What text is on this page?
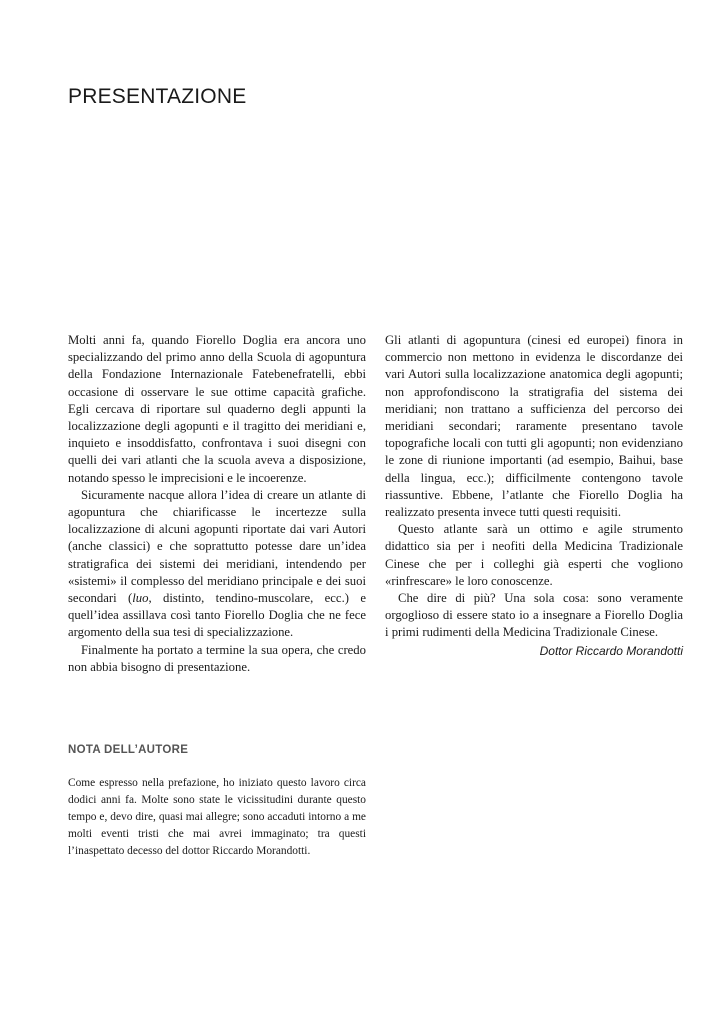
PRESENTAZIONE

Molti anni fa, quando Fiorello Doglia era ancora uno specializzando del primo anno della Scuola di agopuntura della Fondazione Internazionale Fatebenefratelli, ebbi occasione di osservare le sue ottime capacità grafiche. Egli cercava di riportare sul quaderno degli appunti la localizzazione degli agopunti e il tragitto dei meridiani e, inquieto e insoddisfatto, confrontava i suoi disegni con quelli dei vari atlanti che la scuola aveva a disposizione, notando spesso le imprecisioni e le incoerenze.

Sicuramente nacque allora l’idea di creare un atlante di agopuntura che chiarificasse le incertezze sulla localizzazione di alcuni agopunti riportate dai vari Autori (anche classici) e che soprattutto potesse dare un’idea stratigrafica dei sistemi dei meridiani, intendendo per «sistemi» il complesso del meridiano principale e dei suoi secondari (luo, distinto, tendino-muscolare, ecc.) e quell’idea assillava così tanto Fiorello Doglia che ne fece argomento della sua tesi di specializzazione.

Finalmente ha portato a termine la sua opera, che credo non abbia bisogno di presentazione.

Gli atlanti di agopuntura (cinesi ed europei) finora in commercio non mettono in evidenza le discordanze dei vari Autori sulla localizzazione anatomica degli agopunti; non approfondiscono la stratigrafia del sistema dei meridiani; non trattano a sufficienza del percorso dei meridiani secondari; raramente presentano tavole topografiche locali con tutti gli agopunti; non evidenziano le zone di riunione importanti (ad esempio, Baihui, base della lingua, ecc.); difficilmente contengono tavole riassuntive. Ebbene, l’atlante che Fiorello Doglia ha realizzato presenta invece tutti questi requisiti.

Questo atlante sarà un ottimo e agile strumento didattico sia per i neofiti della Medicina Tradizionale Cinese che per i colleghi già esperti che vogliono «rinfrescare» le loro conoscenze.

Che dire di più? Una sola cosa: sono veramente orgoglioso di essere stato io a insegnare a Fiorello Doglia i primi rudimenti della Medicina Tradizionale Cinese.

Dottor Riccardo Morandotti
NOTA DELL’AUTORE

Come espresso nella prefazione, ho iniziato questo lavoro circa dodici anni fa. Molte sono state le vicissitudini durante questo tempo e, devo dire, quasi mai allegre; sono accaduti intorno a me molti eventi tristi che mai avrei immaginato; tra questi l’inaspettato decesso del dottor Riccardo Morandotti.
